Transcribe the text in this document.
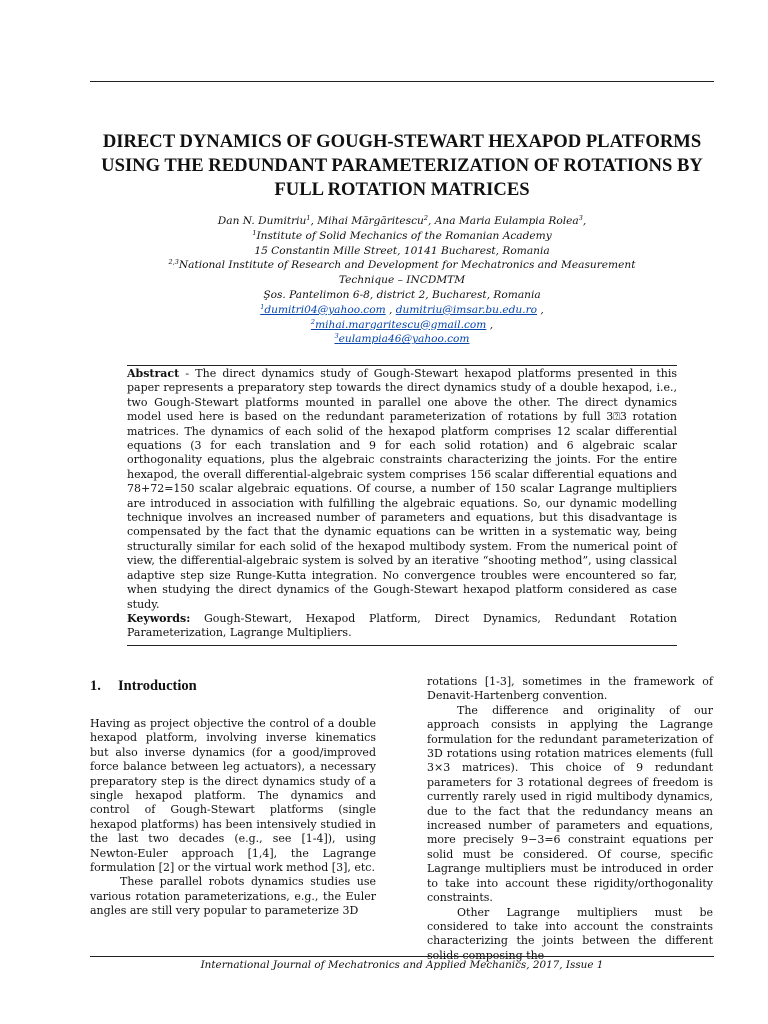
DIRECT DYNAMICS OF GOUGH-STEWART HEXAPOD PLATFORMS
USING THE REDUNDANT PARAMETERIZATION OF ROTATIONS BY
FULL ROTATION MATRICES
Dan N. Dumitriu$^1$, Mihai Mărgăritescu$^2$, Ana Maria Eulampia Rolea$^3$,
$^1$Institute of Solid Mechanics of the Romanian Academy
15 Constantin Mille Street, 10141 Bucharest, Romania
$^{2,3}$National Institute of Research and Development for Mechatronics and Measurement
Technique – INCDMTM
Şos. Pantelimon 6-8, district 2, Bucharest, Romania
$^1$dumitri04@yahoo.com , dumitriu@imsar.bu.edu.ro ,
$^2$mihai.margaritescu@gmail.com ,
$^3$eulampia46@yahoo.com

Abstract - The direct dynamics study of Gough-Stewart hexapod platforms presented in this paper represents a preparatory step towards the direct dynamics study of a double hexapod, i.e., two Gough-Stewart platforms mounted in parallel one above the other. The direct dynamics model used here is based on the redundant parameterization of rotations by full 3⍰3 rotation matrices. The dynamics of each solid of the hexapod platform comprises 12 scalar differential equations (3 for each translation and 9 for each solid rotation) and 6 algebraic scalar orthogonality equations, plus the algebraic constraints characterizing the joints. For the entire hexapod, the overall differential-algebraic system comprises 156 scalar differential equations and 78+72=150 scalar algebraic equations. Of course, a number of 150 scalar Lagrange multipliers are introduced in association with fulfilling the algebraic equations. So, our dynamic modelling technique involves an increased number of parameters and equations, but this disadvantage is compensated by the fact that the dynamic equations can be written in a systematic way, being structurally similar for each solid of the hexapod multibody system. From the numerical point of view, the differential-algebraic system is solved by an iterative “shooting method”, using classical adaptive step size Runge-Kutta integration. No convergence troubles were encountered so far, when studying the direct dynamics of the Gough-Stewart hexapod platform considered as case study.

Keywords: Gough-Stewart, Hexapod Platform, Direct Dynamics, Redundant Rotation Parameterization, Lagrange Multipliers.

1. Introduction

Having as project objective the control of a double hexapod platform, involving inverse kinematics but also inverse dynamics (for a good/improved force balance between leg actuators), a necessary preparatory step is the direct dynamics study of a single hexapod platform. The dynamics and control of Gough-Stewart platforms (single hexapod platforms) has been intensively studied in the last two decades (e.g., see [1-4]), using Newton-Euler approach [1,4], the Lagrange formulation [2] or the virtual work method [3], etc.

These parallel robots dynamics studies use various rotation parameterizations, e.g., the Euler angles are still very popular to parameterize 3D

rotations [1-3], sometimes in the framework of Denavit-Hartenberg convention.

The difference and originality of our approach consists in applying the Lagrange formulation for the redundant parameterization of 3D rotations using rotation matrices elements (full 3×3 matrices). This choice of 9 redundant parameters for 3 rotational degrees of freedom is currently rarely used in rigid multibody dynamics, due to the fact that the redundancy means an increased number of parameters and equations, more precisely 9−3=6 constraint equations per solid must be considered. Of course, specific Lagrange multipliers must be introduced in order to take into account these rigidity/orthogonality constraints.

Other Lagrange multipliers must be considered to take into account the constraints characterizing the joints between the different solids composing the

International Journal of Mechatronics and Applied Mechanics, 2017, Issue 1
